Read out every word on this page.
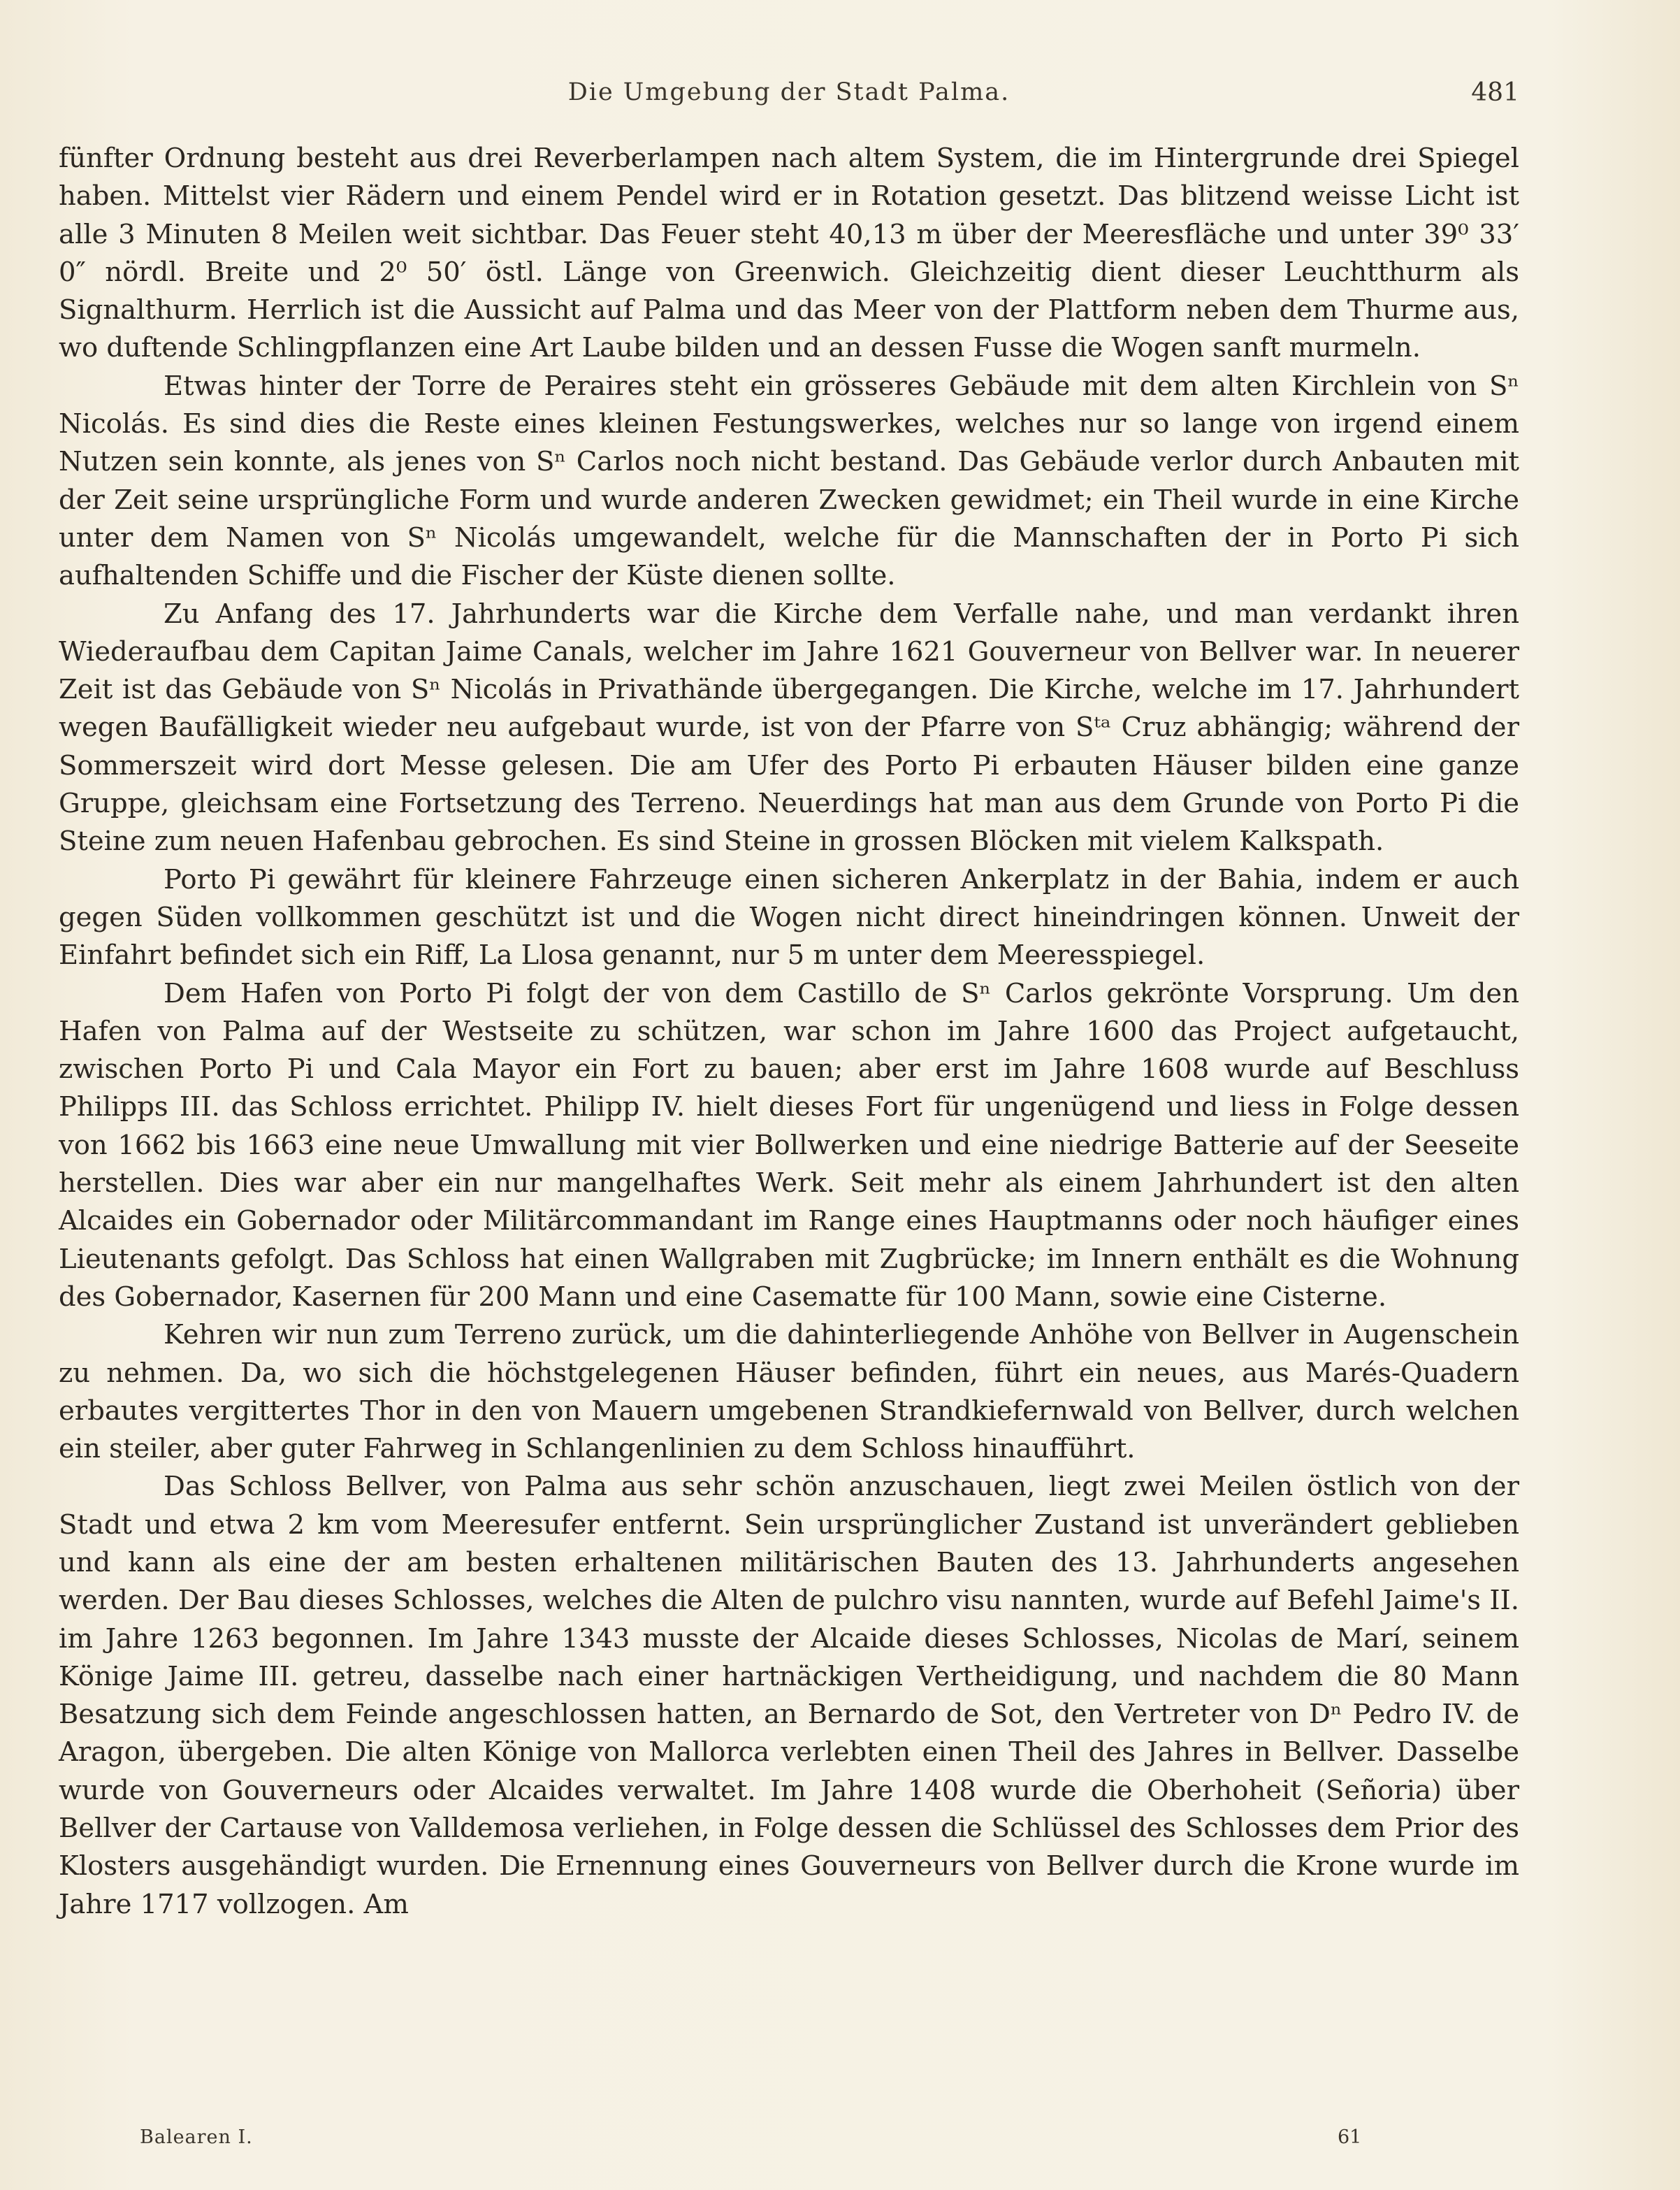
Die Umgebung der Stadt Palma.	481

fünfter Ordnung besteht aus drei Reverberlampen nach altem System, die im Hintergrunde drei Spiegel haben. Mittelst vier Rädern und einem Pendel wird er in Rotation gesetzt. Das blitzend weisse Licht ist alle 3 Minuten 8 Meilen weit sichtbar. Das Feuer steht 40,13 m über der Meeresfläche und unter 39⁰ 33′ 0″ nördl. Breite und 2⁰ 50′ östl. Länge von Greenwich. Gleichzeitig dient dieser Leuchtthurm als Signalthurm. Herrlich ist die Aussicht auf Palma und das Meer von der Plattform neben dem Thurme aus, wo duftende Schlingpflanzen eine Art Laube bilden und an dessen Fusse die Wogen sanft murmeln.

Etwas hinter der Torre de Peraires steht ein grösseres Gebäude mit dem alten Kirchlein von Sⁿ Nicolás. Es sind dies die Reste eines kleinen Festungswerkes, welches nur so lange von irgend einem Nutzen sein konnte, als jenes von Sⁿ Carlos noch nicht bestand. Das Gebäude verlor durch Anbauten mit der Zeit seine ursprüngliche Form und wurde anderen Zwecken gewidmet; ein Theil wurde in eine Kirche unter dem Namen von Sⁿ Nicolás umgewandelt, welche für die Mannschaften der in Porto Pi sich aufhaltenden Schiffe und die Fischer der Küste dienen sollte.

Zu Anfang des 17. Jahrhunderts war die Kirche dem Verfalle nahe, und man verdankt ihren Wiederaufbau dem Capitan Jaime Canals, welcher im Jahre 1621 Gouverneur von Bellver war. In neuerer Zeit ist das Gebäude von Sⁿ Nicolás in Privathände übergegangen. Die Kirche, welche im 17. Jahrhundert wegen Baufälligkeit wieder neu aufgebaut wurde, ist von der Pfarre von Sᵗᵃ Cruz abhängig; während der Sommerszeit wird dort Messe gelesen. Die am Ufer des Porto Pi erbauten Häuser bilden eine ganze Gruppe, gleichsam eine Fortsetzung des Terreno. Neuerdings hat man aus dem Grunde von Porto Pi die Steine zum neuen Hafenbau gebrochen. Es sind Steine in grossen Blöcken mit vielem Kalkspath.

Porto Pi gewährt für kleinere Fahrzeuge einen sicheren Ankerplatz in der Bahia, indem er auch gegen Süden vollkommen geschützt ist und die Wogen nicht direct hineindringen können. Unweit der Einfahrt befindet sich ein Riff, La Llosa genannt, nur 5 m unter dem Meeresspiegel.

Dem Hafen von Porto Pi folgt der von dem Castillo de Sⁿ Carlos gekrönte Vorsprung. Um den Hafen von Palma auf der Westseite zu schützen, war schon im Jahre 1600 das Project aufgetaucht, zwischen Porto Pi und Cala Mayor ein Fort zu bauen; aber erst im Jahre 1608 wurde auf Beschluss Philipps III. das Schloss errichtet. Philipp IV. hielt dieses Fort für ungenügend und liess in Folge dessen von 1662 bis 1663 eine neue Umwallung mit vier Bollwerken und eine niedrige Batterie auf der Seeseite herstellen. Dies war aber ein nur mangelhaftes Werk. Seit mehr als einem Jahrhundert ist den alten Alcaides ein Gobernador oder Militärcommandant im Range eines Hauptmanns oder noch häufiger eines Lieutenants gefolgt. Das Schloss hat einen Wallgraben mit Zugbrücke; im Innern enthält es die Wohnung des Gobernador, Kasernen für 200 Mann und eine Casematte für 100 Mann, sowie eine Cisterne.

Kehren wir nun zum Terreno zurück, um die dahinterliegende Anhöhe von Bellver in Augenschein zu nehmen. Da, wo sich die höchstgelegenen Häuser befinden, führt ein neues, aus Marés-Quadern erbautes vergittertes Thor in den von Mauern umgebenen Strandkiefernwald von Bellver, durch welchen ein steiler, aber guter Fahrweg in Schlangenlinien zu dem Schloss hinaufführt.

Das Schloss Bellver, von Palma aus sehr schön anzuschauen, liegt zwei Meilen östlich von der Stadt und etwa 2 km vom Meeresufer entfernt. Sein ursprünglicher Zustand ist unverändert geblieben und kann als eine der am besten erhaltenen militärischen Bauten des 13. Jahrhunderts angesehen werden. Der Bau dieses Schlosses, welches die Alten de pulchro visu nannten, wurde auf Befehl Jaime's II. im Jahre 1263 begonnen. Im Jahre 1343 musste der Alcaide dieses Schlosses, Nicolas de Marí, seinem Könige Jaime III. getreu, dasselbe nach einer hartnäckigen Vertheidigung, und nachdem die 80 Mann Besatzung sich dem Feinde angeschlossen hatten, an Bernardo de Sot, den Vertreter von Dⁿ Pedro IV. de Aragon, übergeben. Die alten Könige von Mallorca verlebten einen Theil des Jahres in Bellver. Dasselbe wurde von Gouverneurs oder Alcaides verwaltet. Im Jahre 1408 wurde die Oberhoheit (Señoria) über Bellver der Cartause von Valldemosa verliehen, in Folge dessen die Schlüssel des Schlosses dem Prior des Klosters ausgehändigt wurden. Die Ernennung eines Gouverneurs von Bellver durch die Krone wurde im Jahre 1717 vollzogen. Am

Balearen I.	61
